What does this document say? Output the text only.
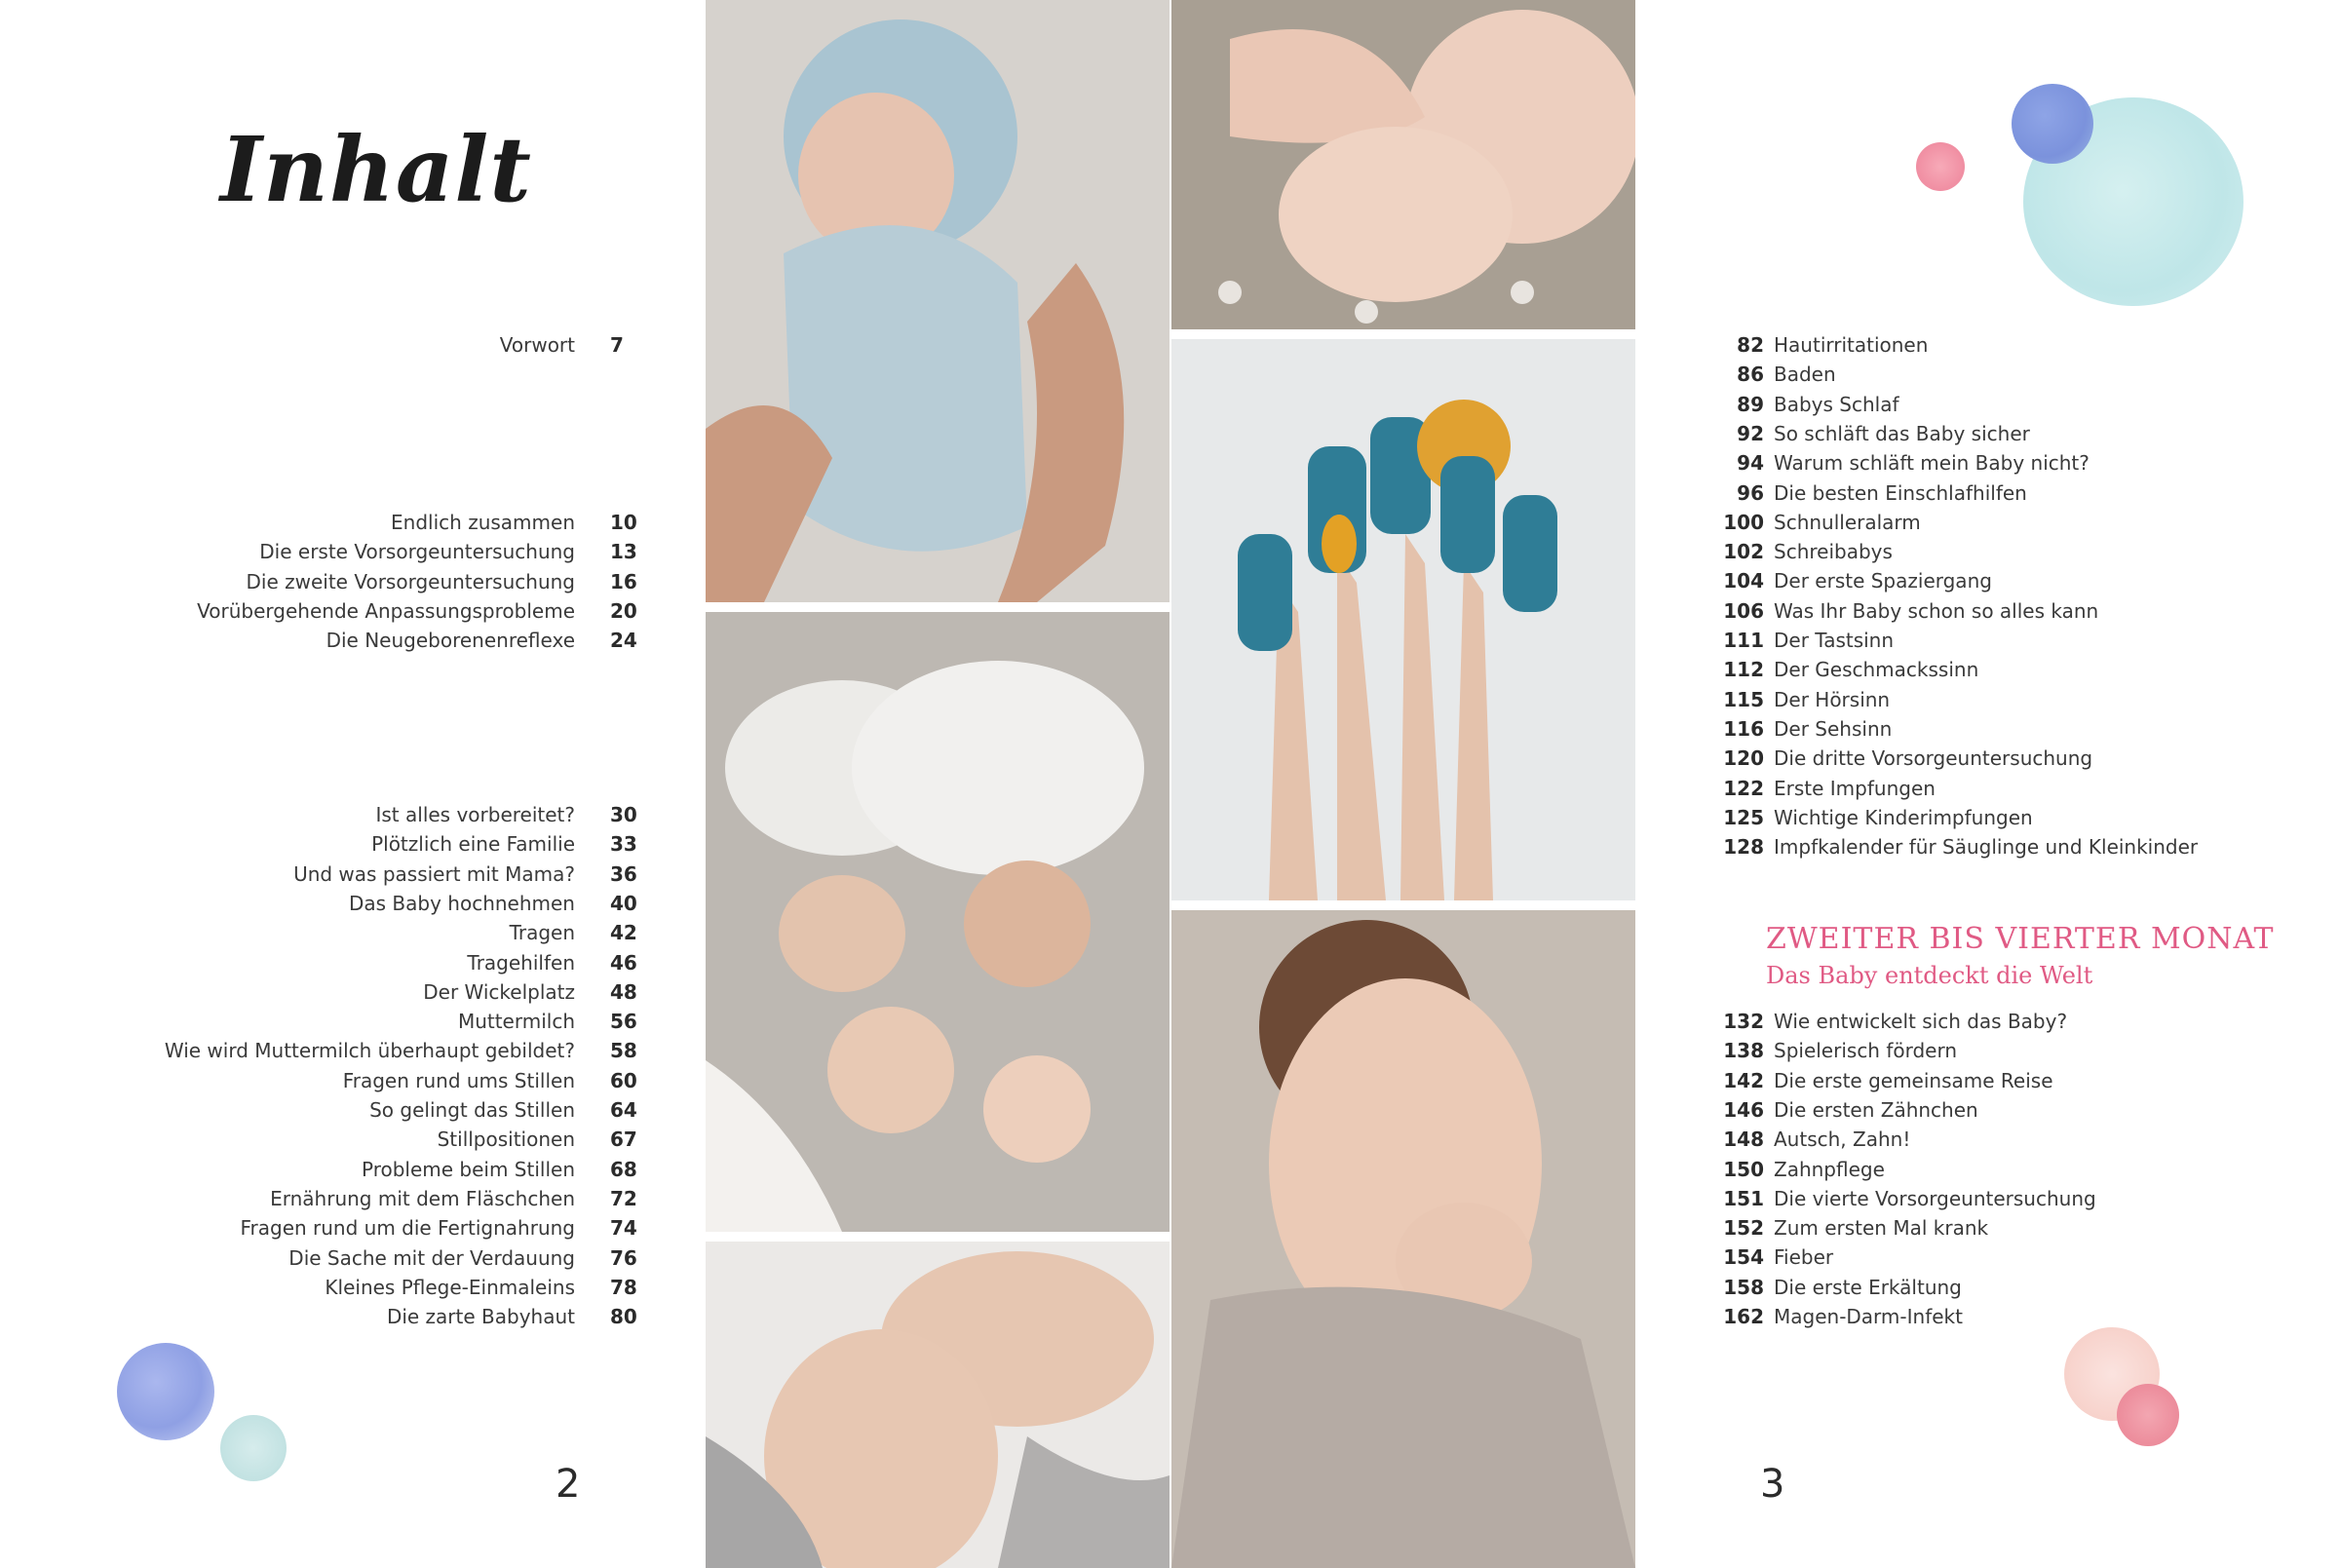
Inhalt
Vorwort 7
Endlich zusammen 10
Die erste Vorsorgeuntersuchung 13
Die zweite Vorsorgeuntersuchung 16
Vorübergehende Anpassungsprobleme 20
Die Neugeborenenreflexe 24
Ist alles vorbereitet? 30
Plötzlich eine Familie 33
Und was passiert mit Mama? 36
Das Baby hochnehmen 40
Tragen 42
Tragehilfen 46
Der Wickelplatz 48
Muttermilch 56
Wie wird Muttermilch überhaupt gebildet? 58
Fragen rund ums Stillen 60
So gelingt das Stillen 64
Stillpositionen 67
Probleme beim Stillen 68
Ernährung mit dem Fläschchen 72
Fragen rund um die Fertignahrung 74
Die Sache mit der Verdauung 76
Kleines Pflege-Einmaleins 78
Die zarte Babyhaut 80
2
Hautirritationen
82
Baden
86
Babys Schlaf
89
So schläft das Baby sicher
92
Warum schläft mein Baby nicht?
94
Die besten Einschlafhilfen
96
Schnulleralarm
100
Schreibabys
102
Der erste Spaziergang
104
Was Ihr Baby schon so alles kann
106
Der Tastsinn
111
Der Geschmackssinn
112
Der Hörsinn
115
Der Sehsinn
116
Die dritte Vorsorgeuntersuchung
120
Erste Impfungen
122
Wichtige Kinderimpfungen
125
Impfkalender für Säuglinge und Kleinkinder
128
ZWEITER BIS VIERTER MONAT
Das Baby entdeckt die Welt
Wie entwickelt sich das Baby?
132
Spielerisch fördern
138
Die erste gemeinsame Reise
142
Die ersten Zähnchen
146
Autsch, Zahn!
148
Zahnpflege
150
Die vierte Vorsorgeuntersuchung
151
Zum ersten Mal krank
152
Fieber
154
Die erste Erkältung
158
Magen-Darm-Infekt
162
3
